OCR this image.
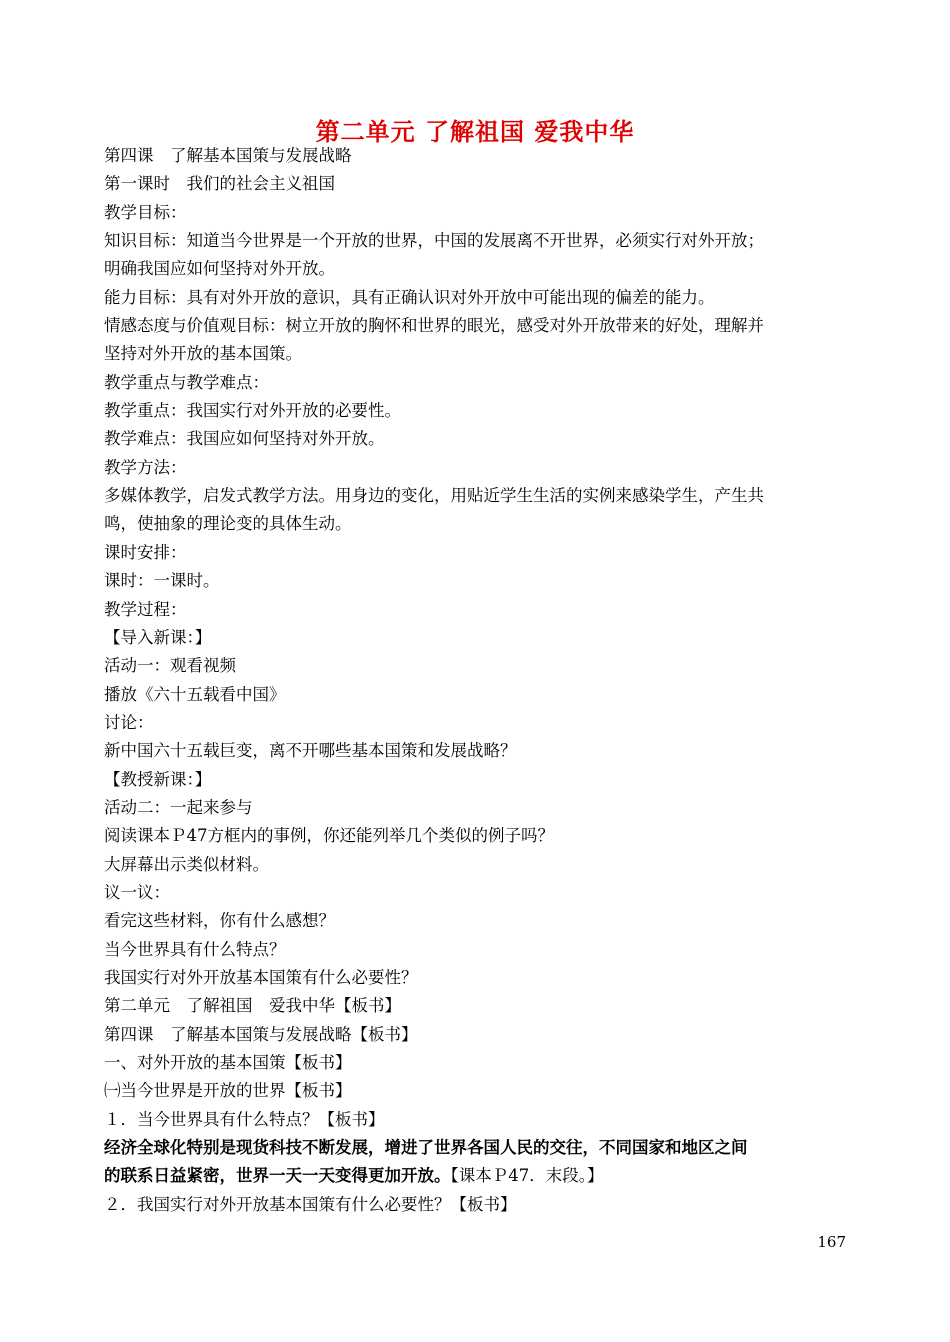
第二单元 了解祖国 爱我中华
第四课　了解基本国策与发展战略
第一课时　我们的社会主义祖国
教学目标：
知识目标：知道当今世界是一个开放的世界，中国的发展离不开世界，必须实行对外开放；
明确我国应如何坚持对外开放。
能力目标：具有对外开放的意识，具有正确认识对外开放中可能出现的偏差的能力。
情感态度与价值观目标：树立开放的胸怀和世界的眼光，感受对外开放带来的好处，理解并
坚持对外开放的基本国策。
教学重点与教学难点：
教学重点：我国实行对外开放的必要性。
教学难点：我国应如何坚持对外开放。
教学方法：
多媒体教学，启发式教学方法。用身边的变化，用贴近学生生活的实例来感染学生，产生共
鸣，使抽象的理论变的具体生动。
课时安排：
课时：一课时。
教学过程：
【导入新课：】
活动一：观看视频
播放《六十五载看中国》
讨论：
新中国六十五载巨变，离不开哪些基本国策和发展战略？
【教授新课：】
活动二：一起来参与
阅读课本Ｐ47方框内的事例，你还能列举几个类似的例子吗？
大屏幕出示类似材料。
议一议：
看完这些材料，你有什么感想？
当今世界具有什么特点？
我国实行对外开放基本国策有什么必要性？
第二单元　了解祖国　爱我中华【板书】
第四课　了解基本国策与发展战略【板书】
一、对外开放的基本国策【板书】
㈠当今世界是开放的世界【板书】
１．当今世界具有什么特点？【板书】
经济全球化特别是现货科技不断发展，增进了世界各国人民的交往，不同国家和地区之间
的联系日益紧密，世界一天一天变得更加开放。【课本Ｐ47．末段。】
２．我国实行对外开放基本国策有什么必要性？【板书】
167
